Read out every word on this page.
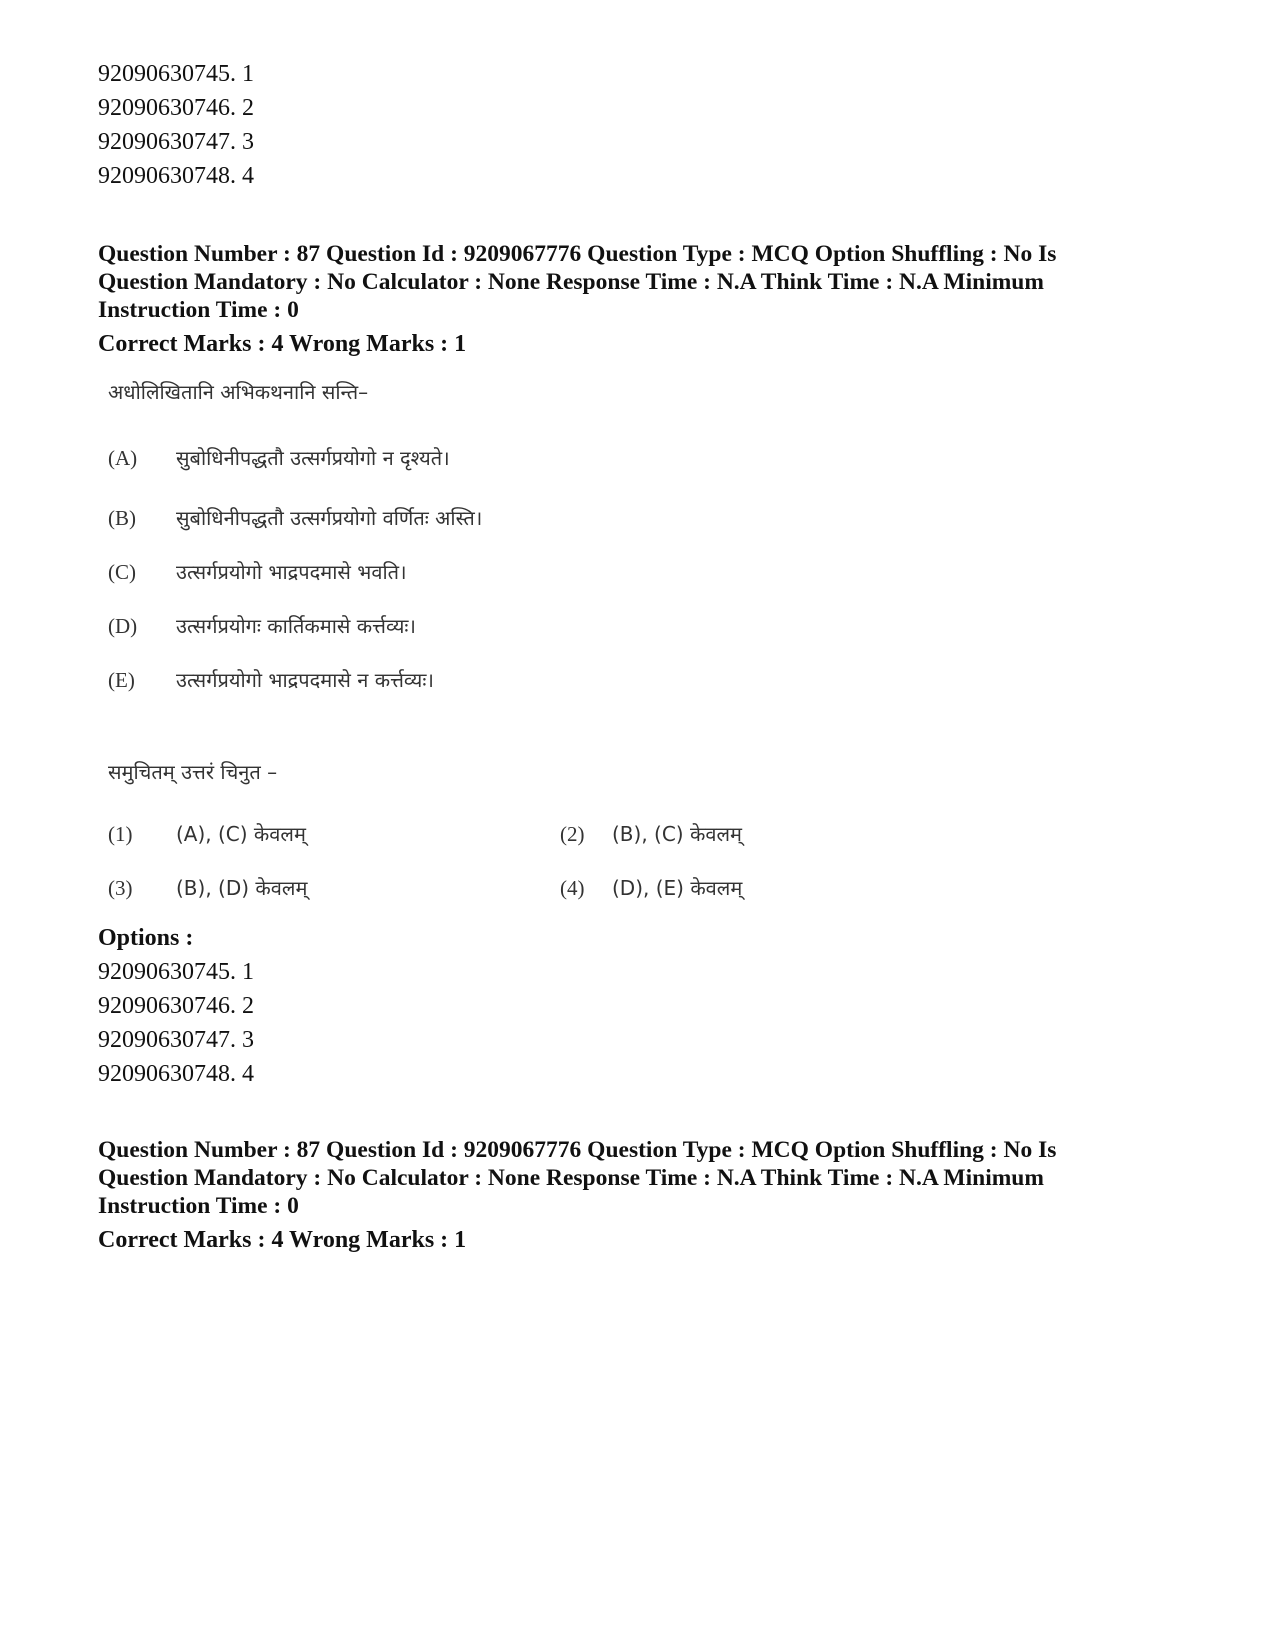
92090630745. 1
92090630746. 2
92090630747. 3
92090630748. 4
Question Number : 87 Question Id : 9209067776 Question Type : MCQ Option Shuffling : No Is
Question Mandatory : No Calculator : None Response Time : N.A Think Time : N.A Minimum
Instruction Time : 0
Correct Marks : 4 Wrong Marks : 1
अधोलिखितानि अभिकथनानि सन्ति–
(A) सुबोधिनीपद्धतौ उत्सर्गप्रयोगो न दृश्यते।
(B) सुबोधिनीपद्धतौ उत्सर्गप्रयोगो वर्णितः अस्ति।
(C) उत्सर्गप्रयोगो भाद्रपदमासे भवति।
(D) उत्सर्गप्रयोगः कार्तिकमासे कर्त्तव्यः।
(E) उत्सर्गप्रयोगो भाद्रपदमासे न कर्त्तव्यः।
समुचितम् उत्तरं चिनुत –
(1) (A), (C) केवलम्	(2) (B), (C) केवलम्
(3) (B), (D) केवलम्	(4) (D), (E) केवलम्
Options :
92090630745. 1
92090630746. 2
92090630747. 3
92090630748. 4
Question Number : 87 Question Id : 9209067776 Question Type : MCQ Option Shuffling : No Is
Question Mandatory : No Calculator : None Response Time : N.A Think Time : N.A Minimum
Instruction Time : 0
Correct Marks : 4 Wrong Marks : 1
